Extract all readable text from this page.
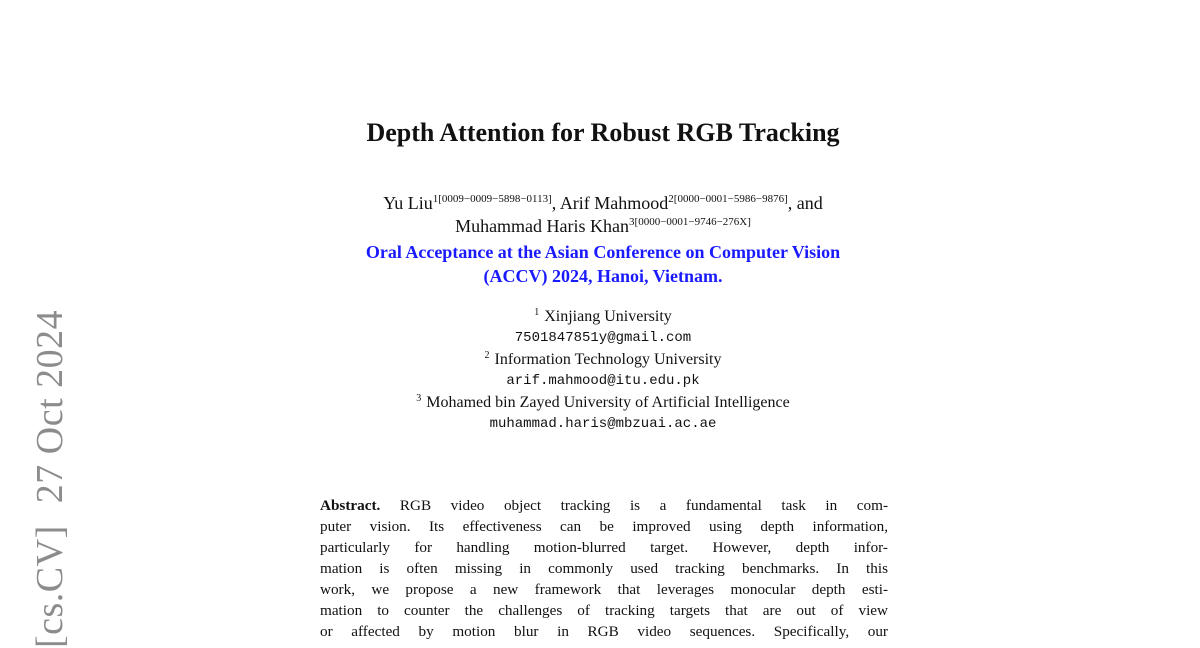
[cs.CV]27 Oct 2024
Depth Attention for Robust RGB Tracking
Yu Liu$^{1[0009-0009-5898-0113]}$, Arif Mahmood$^{2[0000-0001-5986-9876]}$, and
Muhammad Haris Khan$^{3[0000-0001-9746-276X]}$
Oral Acceptance at the Asian Conference on Computer Vision
(ACCV) 2024, Hanoi, Vietnam.
$^1$ Xinjiang University
7501847851y@gmail.com
$^2$ Information Technology University
arif.mahmood@itu.edu.pk
$^3$ Mohamed bin Zayed University of Artificial Intelligence
muhammad.haris@mbzuai.ac.ae
Abstract. RGB video object tracking is a fundamental task in com-
puter vision. Its effectiveness can be improved using depth information,
particularly for handling motion-blurred target. However, depth infor-
mation is often missing in commonly used tracking benchmarks. In this
work, we propose a new framework that leverages monocular depth esti-
mation to counter the challenges of tracking targets that are out of view
or affected by motion blur in RGB video sequences. Specifically, our
